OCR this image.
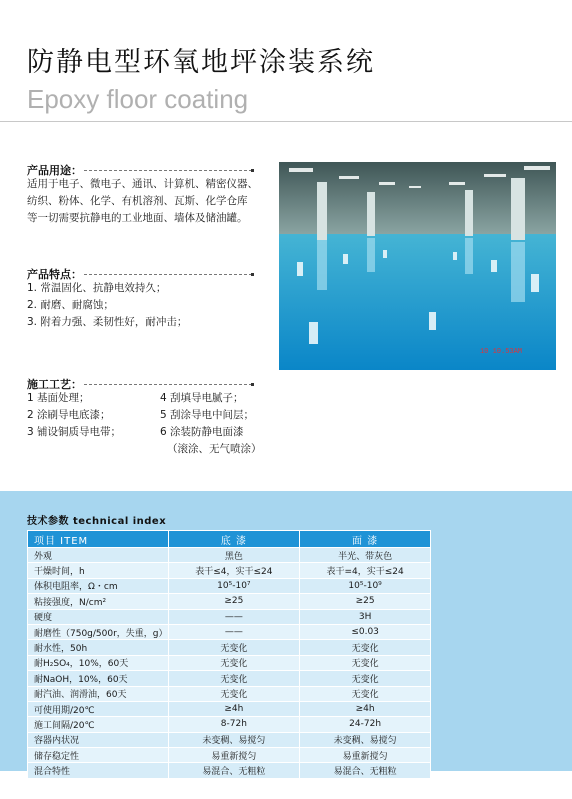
防静电型环氧地坪涂装系统
Epoxy floor coating
产品用途：
适用于电子、微电子、通讯、计算机、精密仪器、
纺织、粉体、化学、有机溶剂、瓦斯、化学仓库
等一切需要抗静电的工业地面、墙体及储油罐。
产品特点：
1. 常温固化、抗静电效持久；
2. 耐磨、耐腐蚀；
3. 附着力强、柔韧性好，耐冲击；
施工工艺：
1 基面处理；
2 涂刷导电底漆；
3 铺设铜质导电带；
4 刮填导电腻子；
5 刮涂导电中间层；
6 涂装防静电面漆
（滚涂、无气喷涂）
10 10.53AM
技术参数 technical index
项目 ITEM	底 漆	面 漆
外观	黑色	半光、带灰色
干燥时间，h	表干≤4，实干≤24	表干=4，实干≤24
体积电阻率，Ω・cm	10⁵-10⁷	10⁵-10⁹
粘接强度，N/cm²	≥25	≥25
硬度	——	3H
耐磨性（750g/500r，失重，g）	——	≤0.03
耐水性，50h	无变化	无变化
耐H₂SO₄，10%，60天	无变化	无变化
耐NaOH，10%，60天	无变化	无变化
耐汽油、润滑油，60天	无变化	无变化
可使用期/20℃	≥4h	≥4h
施工间隔/20℃	8-72h	24-72h
容器内状况	未变稠、易搅匀	未变稠、易搅匀
储存稳定性	易重新搅匀	易重新搅匀
混合特性	易混合、无粗粒	易混合、无粗粒
